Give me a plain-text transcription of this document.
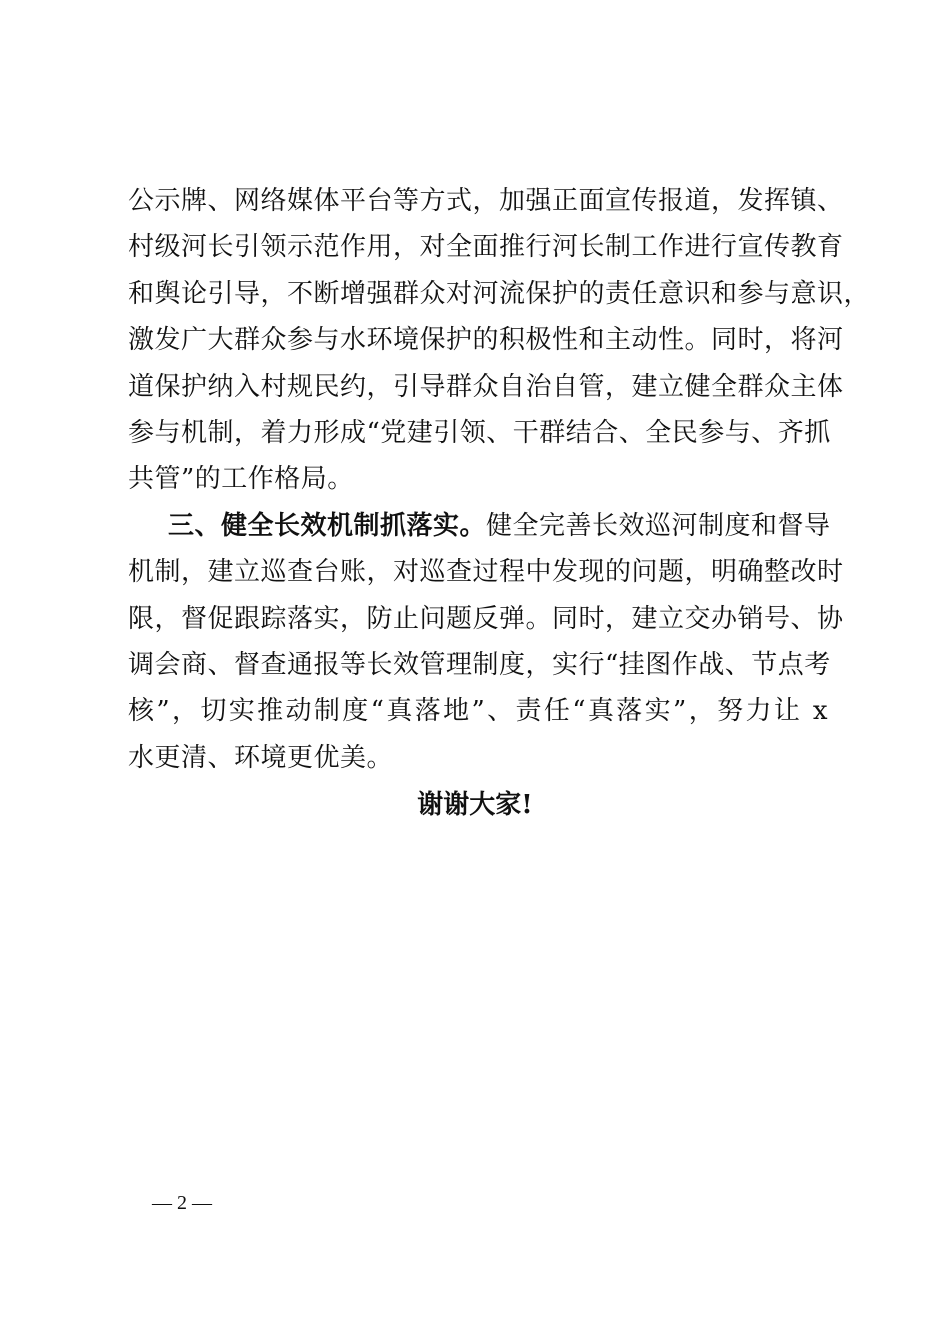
公示牌、网络媒体平台等方式，加强正面宣传报道，发挥镇、
村级河长引领示范作用，对全面推行河长制工作进行宣传教育
和舆论引导，不断增强群众对河流保护的责任意识和参与意识，
激发广大群众参与水环境保护的积极性和主动性。同时，将河
道保护纳入村规民约，引导群众自治自管，建立健全群众主体
参与机制，着力形成“党建引领、干群结合、全民参与、齐抓
共管”的工作格局。
三、健全长效机制抓落实。健全完善长效巡河制度和督导
机制，建立巡查台账，对巡查过程中发现的问题，明确整改时
限，督促跟踪落实，防止问题反弹。同时，建立交办销号、协
调会商、督查通报等长效管理制度，实行“挂图作战、节点考
核”，切实推动制度“真落地”、责任“真落实”，努力让 x
水更清、环境更优美。
谢谢大家!
— 2 —
